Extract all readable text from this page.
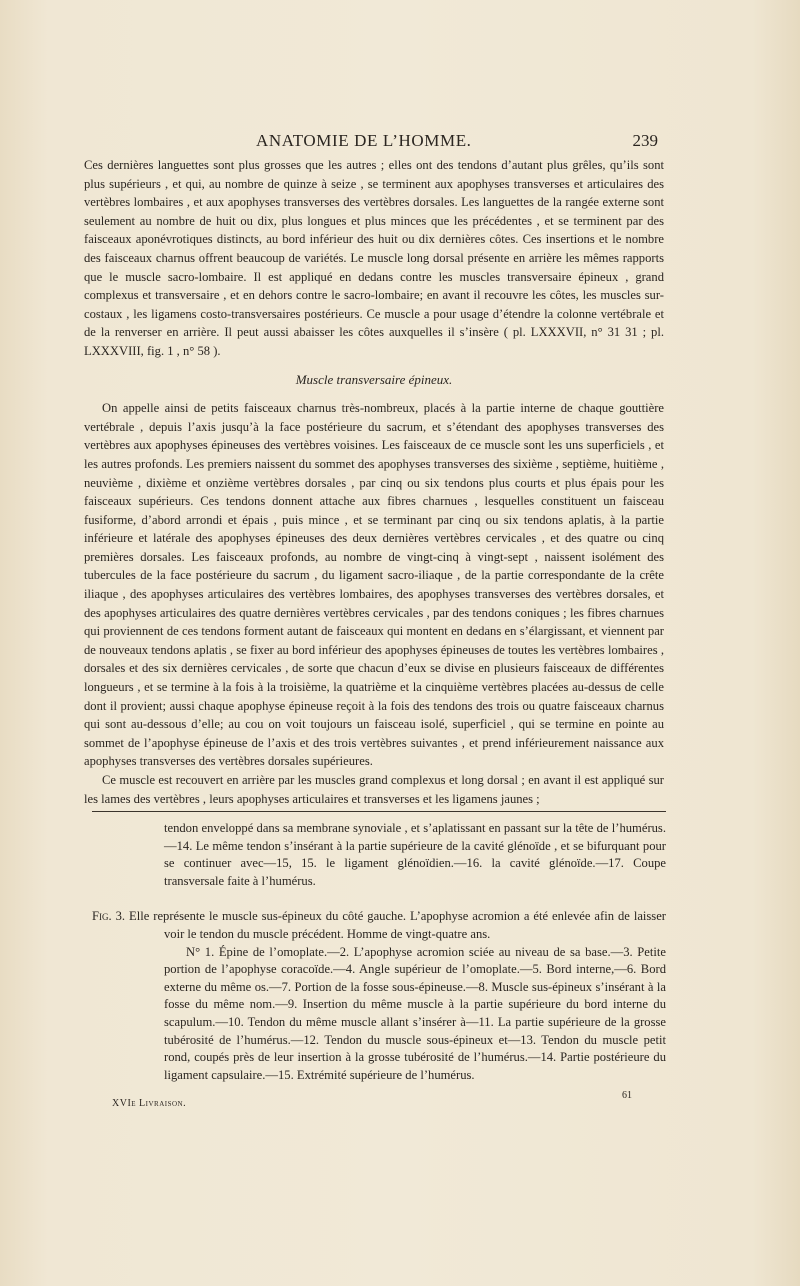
ANATOMIE DE L’HOMME.	239

Ces dernières languettes sont plus grosses que les autres ; elles ont des tendons d’autant plus grêles, qu’ils sont plus supérieurs , et qui, au nombre de quinze à seize , se terminent aux apophyses transverses et articulaires des vertèbres lombaires , et aux apophyses transverses des vertèbres dorsales. Les languettes de la rangée externe sont seulement au nombre de huit ou dix, plus longues et plus minces que les précédentes , et se terminent par des faisceaux aponévrotiques distincts, au bord inférieur des huit ou dix dernières côtes. Ces insertions et le nombre des faisceaux charnus offrent beaucoup de variétés. Le muscle long dorsal présente en arrière les mêmes rapports que le muscle sacro-lombaire. Il est appliqué en dedans contre les muscles transversaire épineux , grand complexus et transversaire , et en dehors contre le sacro-lombaire; en avant il recouvre les côtes, les muscles sur-costaux , les ligamens costo-transversaires postérieurs. Ce muscle a pour usage d’étendre la colonne vertébrale et de la renverser en arrière. Il peut aussi abaisser les côtes auxquelles il s’insère ( pl. LXXXVII, n° 31 31 ; pl. LXXXVIII, fig. 1 , n° 58 ).

Muscle transversaire épineux.

On appelle ainsi de petits faisceaux charnus très-nombreux, placés à la partie interne de chaque gouttière vertébrale , depuis l’axis jusqu’à la face postérieure du sacrum, et s’étendant des apophyses transverses des vertèbres aux apophyses épineuses des vertèbres voisines. Les faisceaux de ce muscle sont les uns superficiels , et les autres profonds. Les premiers naissent du sommet des apophyses transverses des sixième , septième, huitième , neuvième , dixième et onzième vertèbres dorsales , par cinq ou six tendons plus courts et plus épais pour les faisceaux supérieurs. Ces tendons donnent attache aux fibres charnues , lesquelles constituent un faisceau fusiforme, d’abord arrondi et épais , puis mince , et se terminant par cinq ou six tendons aplatis, à la partie inférieure et latérale des apophyses épineuses des deux dernières vertèbres cervicales , et des quatre ou cinq premières dorsales. Les faisceaux profonds, au nombre de vingt-cinq à vingt-sept , naissent isolément des tubercules de la face postérieure du sacrum , du ligament sacro-iliaque , de la partie correspondante de la crête iliaque , des apophyses articulaires des vertèbres lombaires, des apophyses transverses des vertèbres dorsales, et des apophyses articulaires des quatre dernières vertèbres cervicales , par des tendons coniques ; les fibres charnues qui proviennent de ces tendons forment autant de faisceaux qui montent en dedans en s’élargissant, et viennent par de nouveaux tendons aplatis , se fixer au bord inférieur des apophyses épineuses de toutes les vertèbres lombaires , dorsales et des six dernières cervicales , de sorte que chacun d’eux se divise en plusieurs faisceaux de différentes longueurs , et se termine à la fois à la troisième, la quatrième et la cinquième vertèbres placées au-dessus de celle dont il provient; aussi chaque apophyse épineuse reçoit à la fois des tendons des trois ou quatre faisceaux charnus qui sont au-dessous d’elle; au cou on voit toujours un faisceau isolé, superficiel , qui se termine en pointe au sommet de l’apophyse épineuse de l’axis et des trois vertèbres suivantes , et prend inférieurement naissance aux apophyses transverses des vertèbres dorsales supérieures.

Ce muscle est recouvert en arrière par les muscles grand complexus et long dorsal ; en avant il est appliqué sur les lames des vertèbres , leurs apophyses articulaires et transverses et les ligamens jaunes ;

tendon enveloppé dans sa membrane synoviale , et s’aplatissant en passant sur la tête de l’humérus.—14. Le même tendon s’insérant à la partie supérieure de la cavité glénoïde , et se bifurquant pour se continuer avec—15, 15. le ligament glénoïdien.—16. la cavité glénoïde.—17. Coupe transversale faite à l’humérus.

Fig. 3. Elle représente le muscle sus-épineux du côté gauche. L’apophyse acromion a été enlevée afin de laisser voir le tendon du muscle précédent. Homme de vingt-quatre ans.

N° 1. Épine de l’omoplate.—2. L’apophyse acromion sciée au niveau de sa base.—3. Petite portion de l’apophyse coracoïde.—4. Angle supérieur de l’omoplate.—5. Bord interne,—6. Bord externe du même os.—7. Portion de la fosse sous-épineuse.—8. Muscle sus-épineux s’insérant à la fosse du même nom.—9. Insertion du même muscle à la partie supérieure du bord interne du scapulum.—10. Tendon du même muscle allant s’insérer à—11. La partie supérieure de la grosse tubérosité de l’humérus.—12. Tendon du muscle sous-épineux et—13. Tendon du muscle petit rond, coupés près de leur insertion à la grosse tubérosité de l’humérus.—14. Partie postérieure du ligament capsulaire.—15. Extrémité supérieure de l’humérus.

XVIe Livraison.
61
